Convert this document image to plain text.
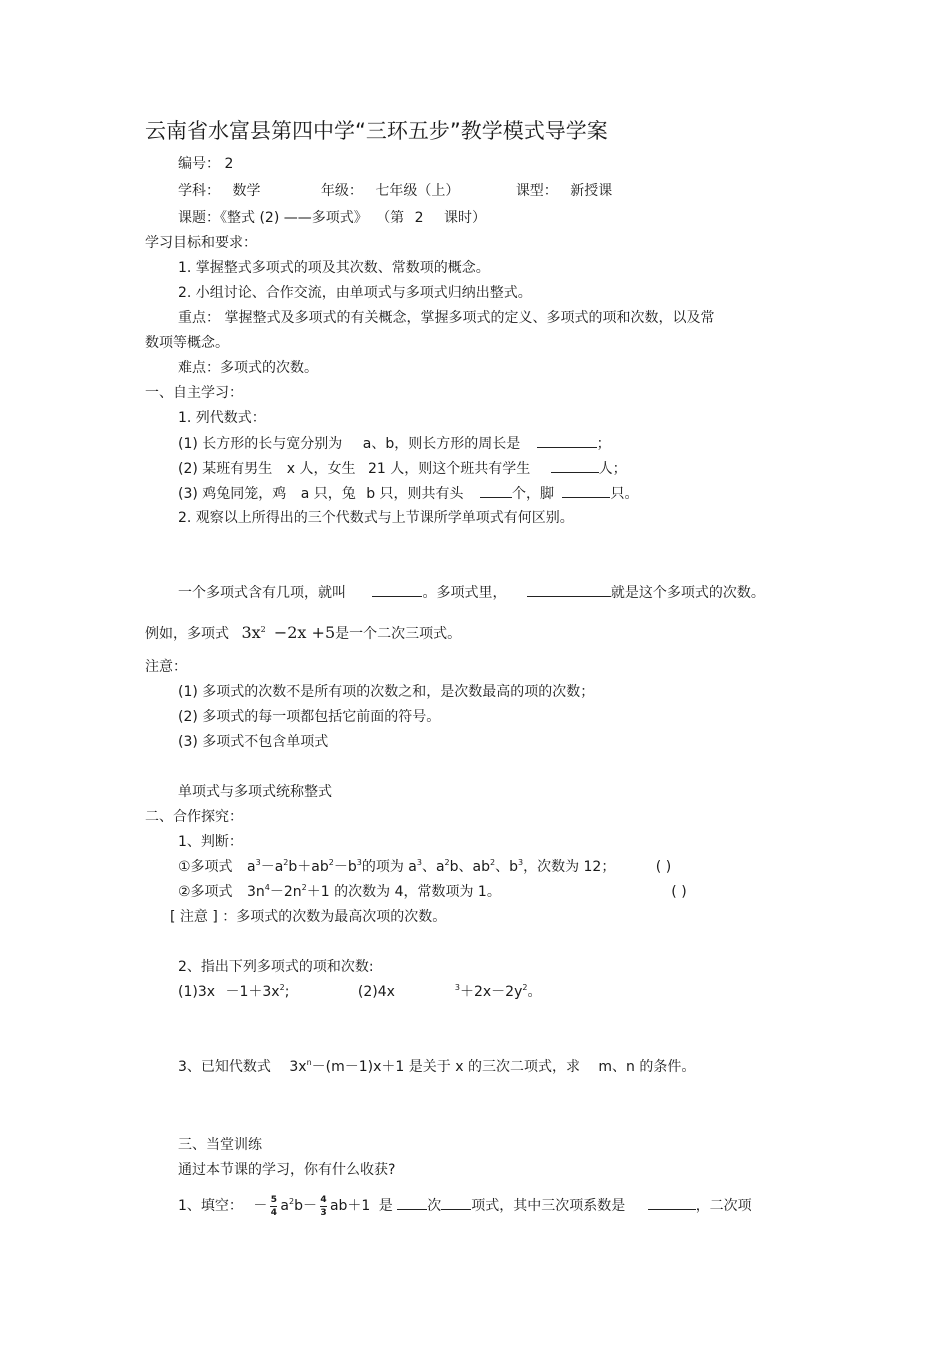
云南省水富县第四中学“三环五步”教学模式导学案
编号： 2
学科： 数学	年级： 七年级（上）	课型： 新授课
课题：《整式 (2) ——多项式》 （第 2 课时）
学习目标和要求：
1. 掌握整式多项式的项及其次数、常数项的概念。
2. 小组讨论、合作交流，由单项式与多项式归纳出整式。
重点： 掌握整式及多项式的有关概念，掌握多项式的定义、多项式的项和次数，以及常
数项等概念。
难点：多项式的次数。
一、自主学习：
1. 列代数式：
(1) 长方形的长与宽分别为 a、b，则长方形的周长是	；
(2) 某班有男生 x 人，女生 21 人，则这个班共有学生	人；
(3) 鸡兔同笼，鸡 a 只，兔 b 只，则共有头	个，脚	只。
2. 观察以上所得出的三个代数式与上节课所学单项式有何区别。
一个多项式含有几项，就叫	。多项式里，	就是这个多项式的次数。
例如，多项式 $3x^2 -2x +5$是一个二次三项式。
注意：
(1) 多项式的次数不是所有项的次数之和，是次数最高的项的次数；
(2) 多项式的每一项都包括它前面的符号。
(3) 多项式不包含单项式
单项式与多项式统称整式
二、合作探究：
1、判断：
①多项式 $a^3-a^2b+ab^2-b^3$的项为 $a^3$、$a^2b$、$ab^2$、$b^3$，次数为 12；	( )
②多项式 $3n^4-2n^2+1$ 的次数为 4，常数项为 1。	( )
[ 注意 ] ：多项式的次数为最高次项的次数。
2、指出下列多项式的项和次数:
$(1)3x -1+3x^2$;	(2)4x	$^3+2x-2y^2$。
3、已知代数式 $3x^n-(m-1)x+1$ 是关于 x 的三次二项式，求 m、n 的条件。
三、当堂训练
通过本节课的学习，你有什么收获?
1、填空： － $\frac{5}{4} a^2b- \frac{4}{3} ab+1$ 是 次 项式，其中三次项系数是	，二次项
